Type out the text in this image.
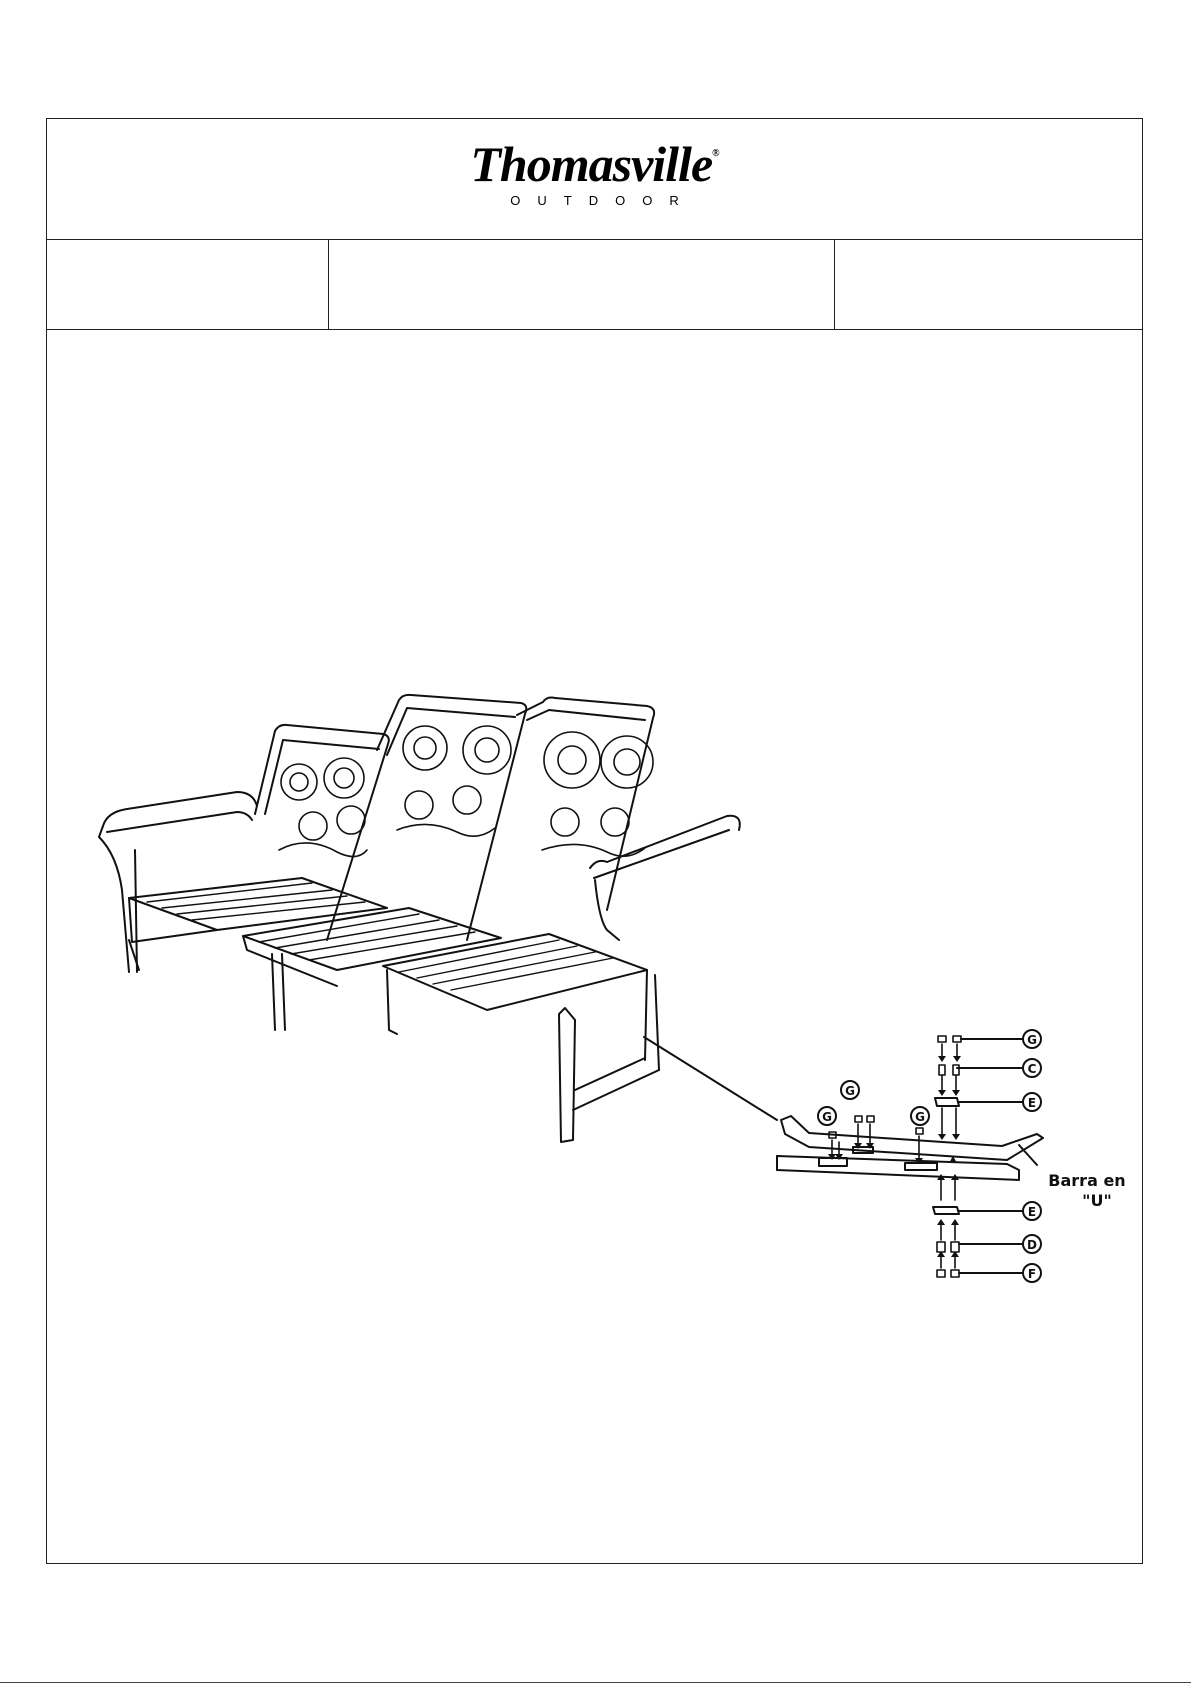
Thomasville®
OUTDOOR
G
C
E
E
D
F
G
G	G
Barra en
"U"
